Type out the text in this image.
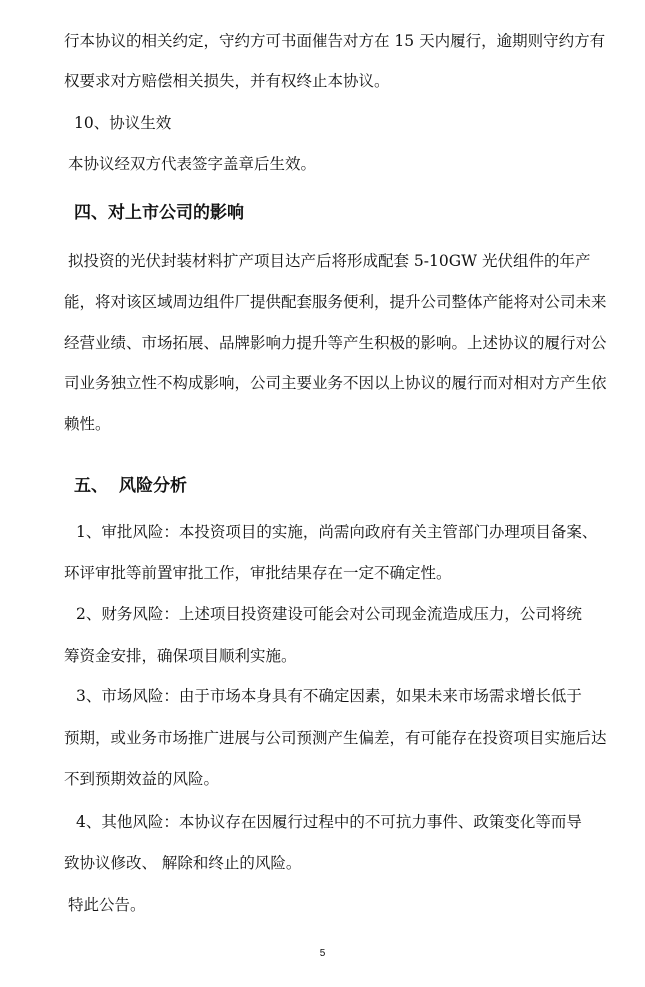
行本协议的相关约定，守约方可书面催告对方在 15 天内履行，逾期则守约方有
权要求对方赔偿相关损失，并有权终止本协议。
10、协议生效
本协议经双方代表签字盖章后生效。
四、对上市公司的影响
拟投资的光伏封装材料扩产项目达产后将形成配套 5-10GW 光伏组件的年产
能，将对该区域周边组件厂提供配套服务便利，提升公司整体产能将对公司未来
经营业绩、市场拓展、品牌影响力提升等产生积极的影响。上述协议的履行对公
司业务独立性不构成影响，公司主要业务不因以上协议的履行而对相对方产生依
赖性。
五、 风险分析
1、审批风险：本投资项目的实施，尚需向政府有关主管部门办理项目备案、
环评审批等前置审批工作，审批结果存在一定不确定性。
2、财务风险：上述项目投资建设可能会对公司现金流造成压力，公司将统
筹资金安排，确保项目顺利实施。
3、市场风险：由于市场本身具有不确定因素，如果未来市场需求增长低于
预期，或业务市场推广进展与公司预测产生偏差，有可能存在投资项目实施后达
不到预期效益的风险。
4、其他风险：本协议存在因履行过程中的不可抗力事件、政策变化等而导
致协议修改、 解除和终止的风险。
特此公告。
5
